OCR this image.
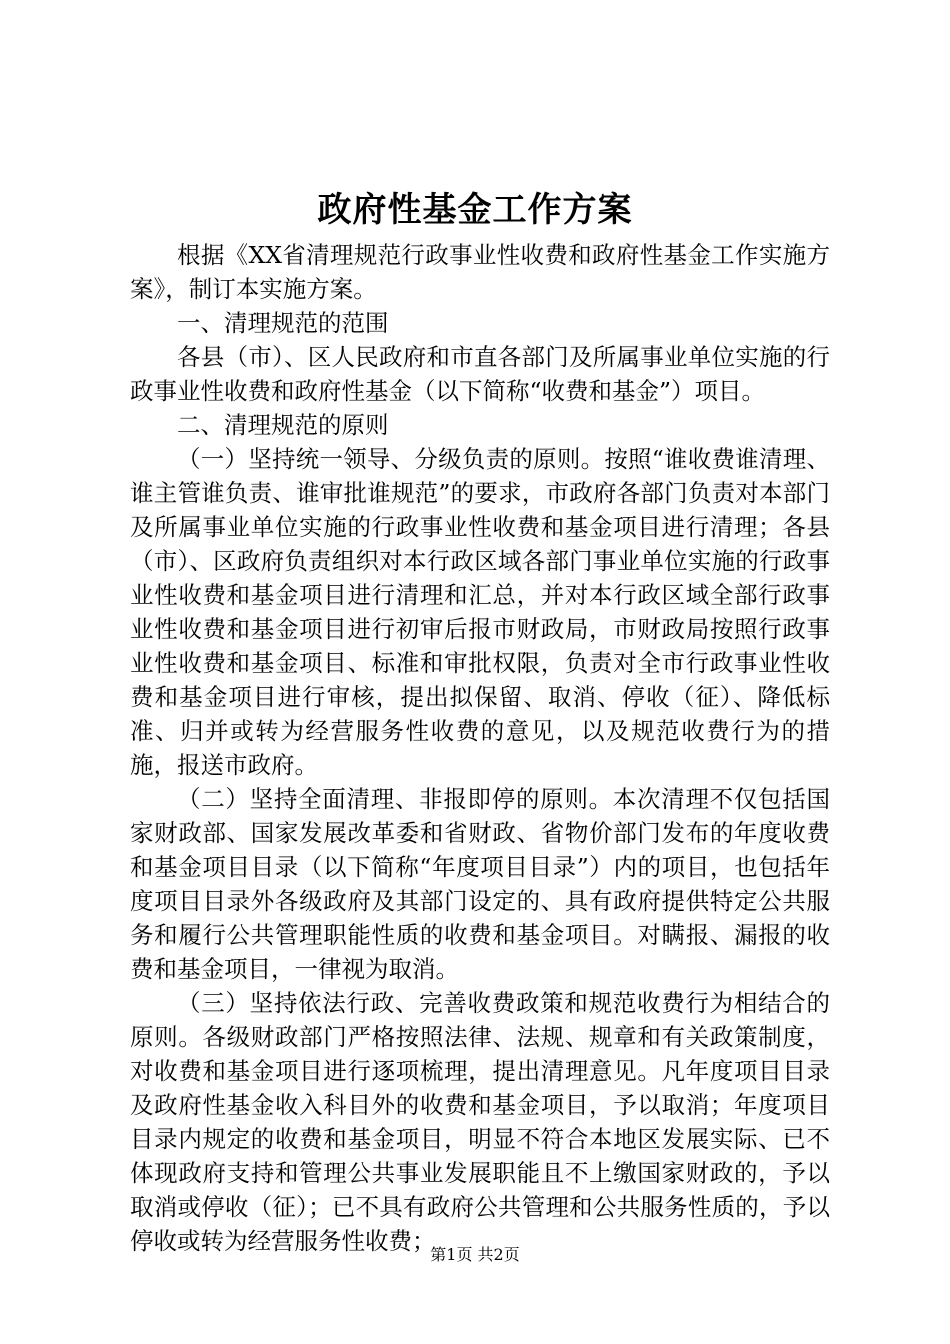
政府性基金工作方案

根据《XX省清理规范行政事业性收费和政府性基金工作实施方案》，制订本实施方案。

一、清理规范的范围

各县（市）、区人民政府和市直各部门及所属事业单位实施的行政事业性收费和政府性基金（以下简称“收费和基金”）项目。

二、清理规范的原则

（一）坚持统一领导、分级负责的原则。按照“谁收费谁清理、谁主管谁负责、谁审批谁规范”的要求，市政府各部门负责对本部门及所属事业单位实施的行政事业性收费和基金项目进行清理；各县（市）、区政府负责组织对本行政区域各部门事业单位实施的行政事业性收费和基金项目进行清理和汇总，并对本行政区域全部行政事业性收费和基金项目进行初审后报市财政局，市财政局按照行政事业性收费和基金项目、标准和审批权限，负责对全市行政事业性收费和基金项目进行审核，提出拟保留、取消、停收（征）、降低标准、归并或转为经营服务性收费的意见，以及规范收费行为的措施，报送市政府。

（二）坚持全面清理、非报即停的原则。本次清理不仅包括国家财政部、国家发展改革委和省财政、省物价部门发布的年度收费和基金项目目录（以下简称“年度项目目录”）内的项目，也包括年度项目目录外各级政府及其部门设定的、具有政府提供特定公共服务和履行公共管理职能性质的收费和基金项目。对瞒报、漏报的收费和基金项目，一律视为取消。

（三）坚持依法行政、完善收费政策和规范收费行为相结合的原则。各级财政部门严格按照法律、法规、规章和有关政策制度，对收费和基金项目进行逐项梳理，提出清理意见。凡年度项目目录及政府性基金收入科目外的收费和基金项目，予以取消；年度项目目录内规定的收费和基金项目，明显不符合本地区发展实际、已不体现政府支持和管理公共事业发展职能且不上缴国家财政的，予以取消或停收（征）；已不具有政府公共管理和公共服务性质的，予以停收或转为经营服务性收费；

第1页 共2页
